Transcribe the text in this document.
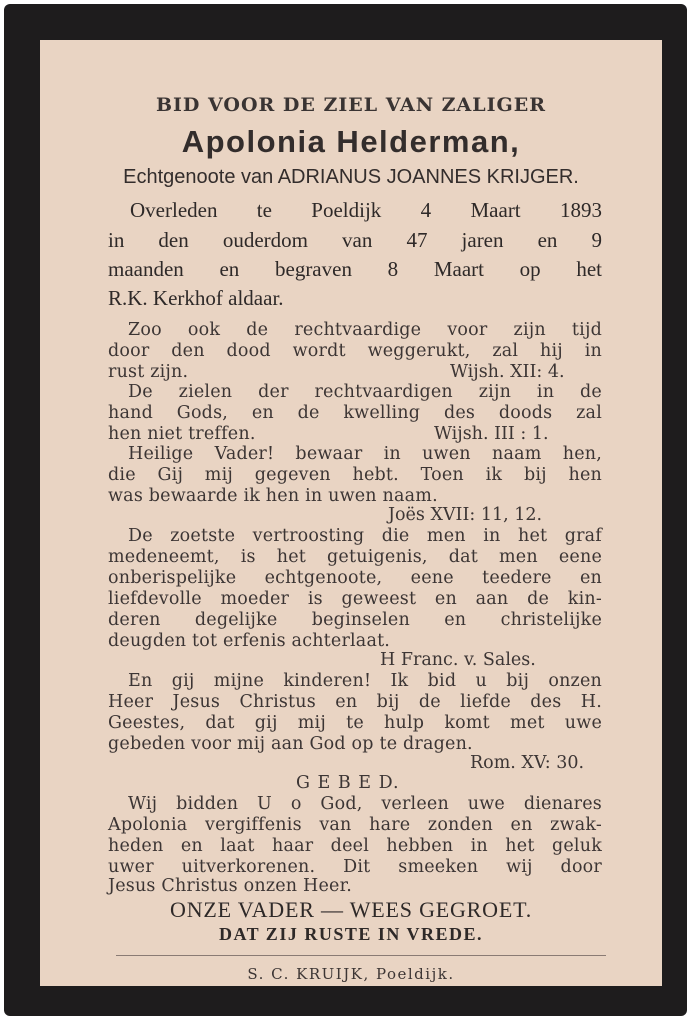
BID VOOR DE ZIEL VAN ZALIGER
Apolonia Helderman,
Echtgenoote van ADRIANUS JOANNES KRIJGER.
Overleden te Poeldijk 4 Maart 1893
in den ouderdom van 47 jaren en 9
maanden en begraven 8 Maart op het
R.K. Kerkhof aldaar.
Zoo ook de rechtvaardige voor zijn tijd
door den dood wordt weggerukt, zal hij in
rust zijn.	Wijsh. XII: 4.
De zielen der rechtvaardigen zijn in de
hand Gods, en de kwelling des doods zal
hen niet treffen.	Wijsh. III : 1.
Heilige Vader! bewaar in uwen naam hen,
die Gij mij gegeven hebt. Toen ik bij hen
was bewaarde ik hen in uwen naam.
Joës XVII: 11, 12.
De zoetste vertroosting die men in het graf
medeneemt, is het getuigenis, dat men eene
onberispelijke echtgenoote, eene teedere en
liefdevolle moeder is geweest en aan de kin-
deren degelijke beginselen en christelijke
deugden tot erfenis achterlaat.
H Franc. v. Sales.
En gij mijne kinderen! Ik bid u bij onzen
Heer Jesus Christus en bij de liefde des H.
Geestes, dat gij mij te hulp komt met uwe
gebeden voor mij aan God op te dragen.
Rom. XV: 30.
G E B E D.
Wij bidden U o God, verleen uwe dienares
Apolonia vergiffenis van hare zonden en zwak-
heden en laat haar deel hebben in het geluk
uwer uitverkorenen. Dit smeeken wij door
Jesus Christus onzen Heer.
ONZE VADER — WEES GEGROET.
DAT ZIJ RUSTE IN VREDE.
S. C. KRUIJK, Poeldijk.
